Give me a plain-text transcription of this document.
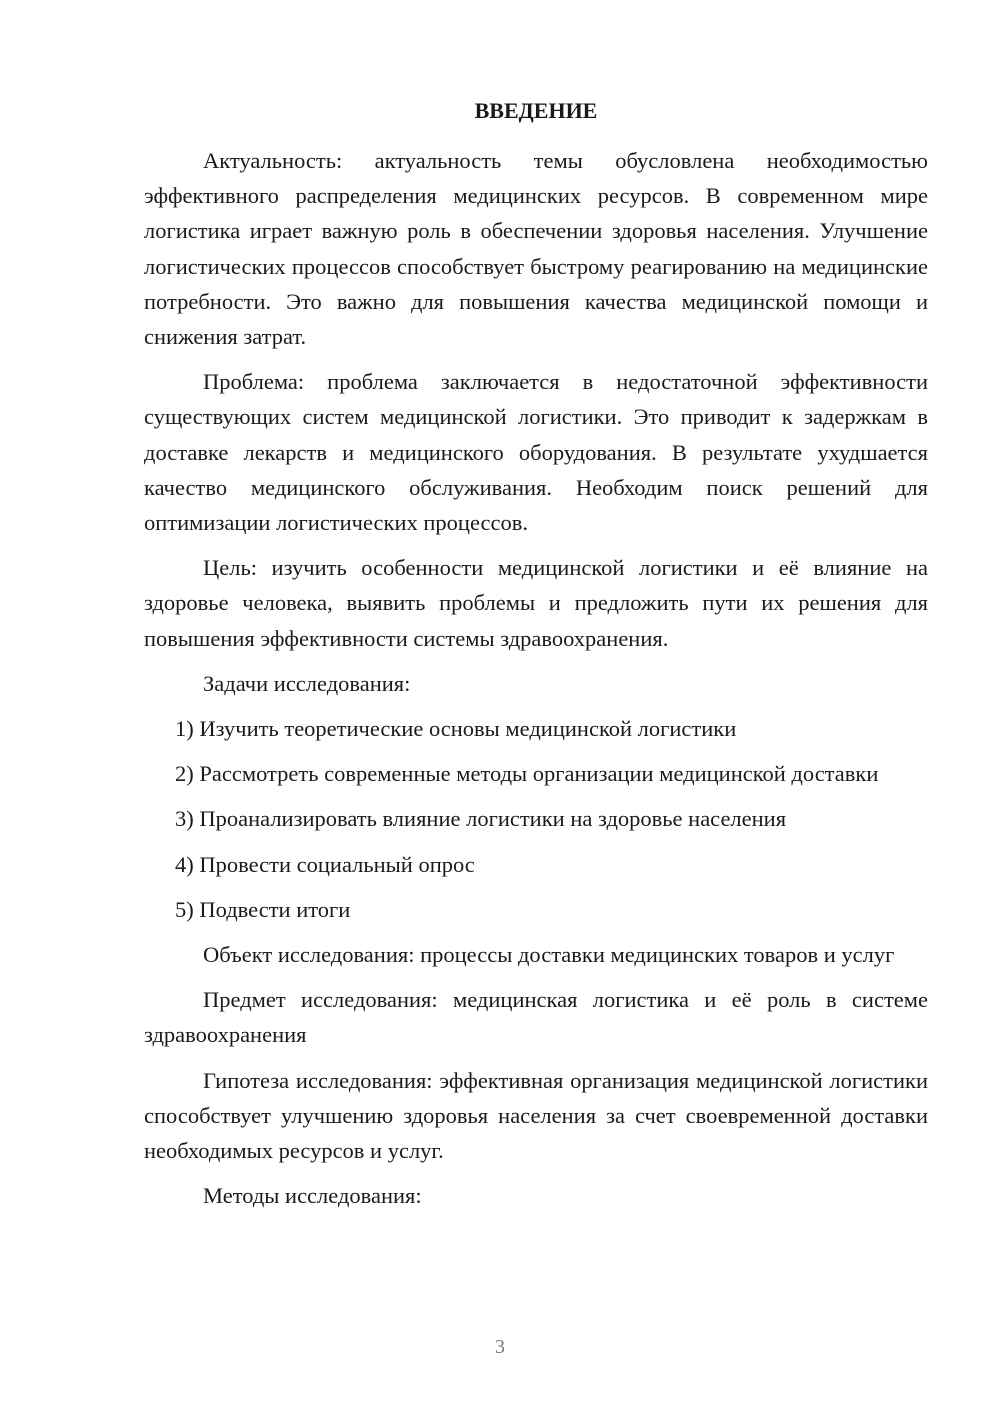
ВВЕДЕНИЕ

Актуальность: актуальность темы обусловлена необходимостью эффективного распределения медицинских ресурсов. В современном мире логистика играет важную роль в обеспечении здоровья населения. Улучшение логистических процессов способствует быстрому реагированию на медицинские потребности. Это важно для повышения качества медицинской помощи и снижения затрат.

Проблема: проблема заключается в недостаточной эффективности существующих систем медицинской логистики. Это приводит к задержкам в доставке лекарств и медицинского оборудования. В результате ухудшается качество медицинского обслуживания. Необходим поиск решений для оптимизации логистических процессов.

Цель: изучить особенности медицинской логистики и её влияние на здоровье человека, выявить проблемы и предложить пути их решения для повышения эффективности системы здравоохранения.

Задачи исследования:

1) Изучить теоретические основы медицинской логистики

2) Рассмотреть современные методы организации медицинской доставки

3) Проанализировать влияние логистики на здоровье населения

4) Провести социальный опрос

5) Подвести итоги

Объект исследования: процессы доставки медицинских товаров и услуг

Предмет исследования: медицинская логистика и её роль в системе здравоохранения

Гипотеза исследования: эффективная организация медицинской логистики способствует улучшению здоровья населения за счет своевременной доставки необходимых ресурсов и услуг.

Методы исследования:

3
